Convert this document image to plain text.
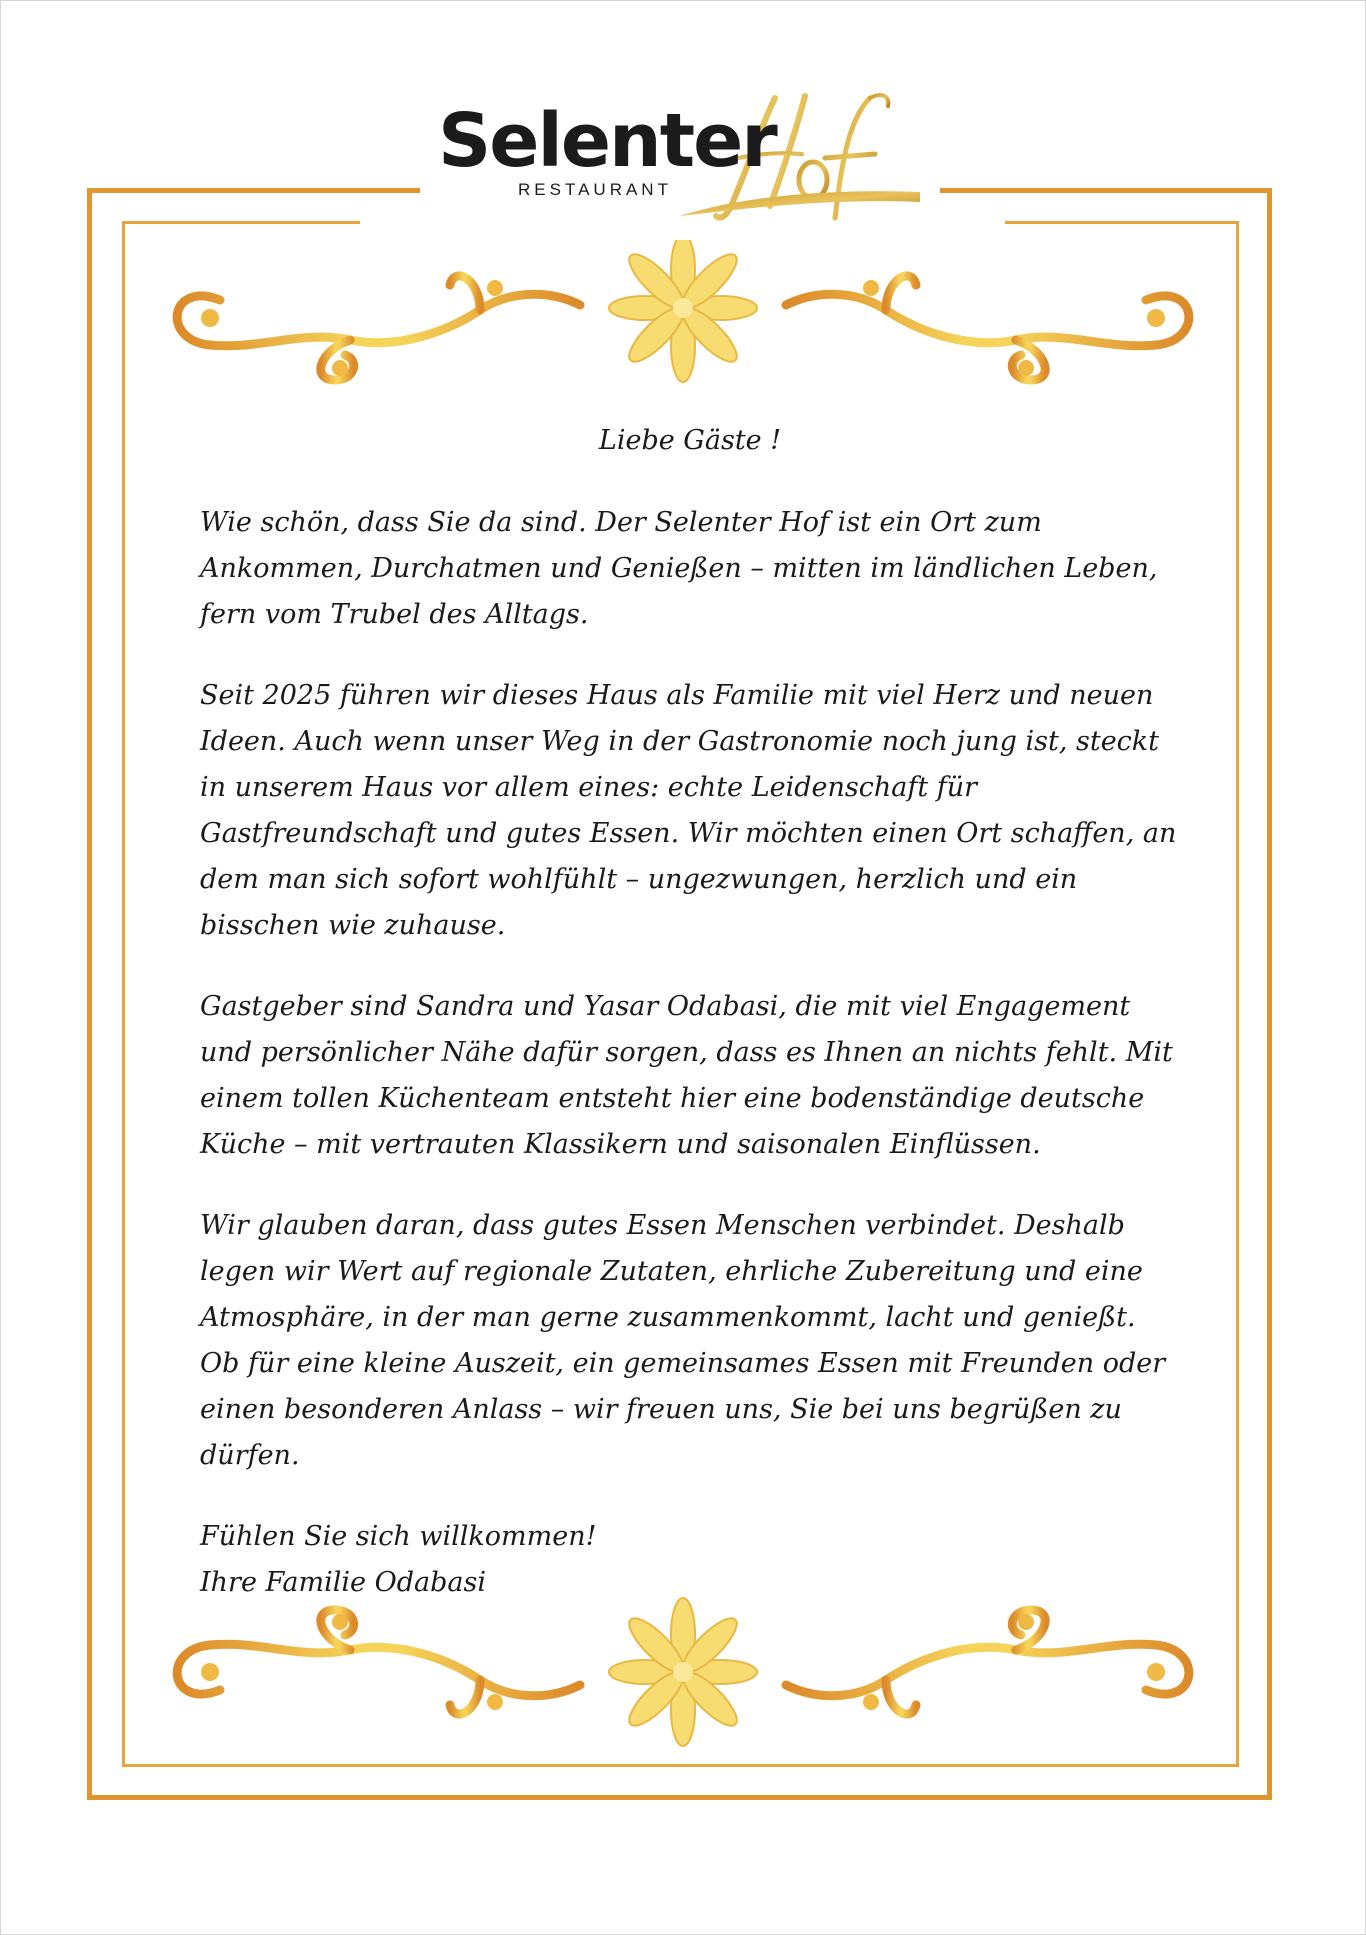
Selenter
RESTAURANT

Liebe Gäste !

Wie schön, dass Sie da sind. Der Selenter Hof ist ein Ort zum Ankommen, Durchatmen und Genießen – mitten im ländlichen Leben, fern vom Trubel des Alltags.

Seit 2025 führen wir dieses Haus als Familie mit viel Herz und neuen Ideen. Auch wenn unser Weg in der Gastronomie noch jung ist, steckt in unserem Haus vor allem eines: echte Leidenschaft für Gastfreundschaft und gutes Essen. Wir möchten einen Ort schaffen, an dem man sich sofort wohlfühlt – ungezwungen, herzlich und ein bisschen wie zuhause.

Gastgeber sind Sandra und Yasar Odabasi, die mit viel Engagement und persönlicher Nähe dafür sorgen, dass es Ihnen an nichts fehlt. Mit einem tollen Küchenteam entsteht hier eine bodenständige deutsche Küche – mit vertrauten Klassikern und saisonalen Einflüssen.

Wir glauben daran, dass gutes Essen Menschen verbindet. Deshalb legen wir Wert auf regionale Zutaten, ehrliche Zubereitung und eine Atmosphäre, in der man gerne zusammenkommt, lacht und genießt. Ob für eine kleine Auszeit, ein gemeinsames Essen mit Freunden oder einen besonderen Anlass – wir freuen uns, Sie bei uns begrüßen zu dürfen.

Fühlen Sie sich willkommen!

Ihre Familie Odabasi
